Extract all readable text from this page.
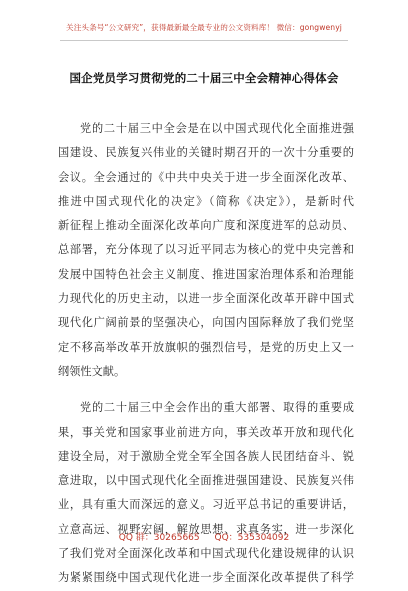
关注头条号“公文研究”，获得最新最全最专业的公文资料库！ 微信：gongwenyj
国企党员学习贯彻党的二十届三中全会精神心得体会
党的二十届三中全会是在以中国式现代化全面推进强
国建设、民族复兴伟业的关键时期召开的一次十分重要的
会议。全会通过的《中共中央关于进一步全面深化改革、
推进中国式现代化的决定》（简称《决定》），是新时代
新征程上推动全面深化改革向广度和深度进军的总动员、
总部署，充分体现了以习近平同志为核心的党中央完善和
发展中国特色社会主义制度、推进国家治理体系和治理能
力现代化的历史主动，以进一步全面深化改革开辟中国式
现代化广阔前景的坚强决心，向国内国际释放了我们党坚
定不移高举改革开放旗帜的强烈信号，是党的历史上又一
纲领性文献。
党的二十届三中全会作出的重大部署、取得的重要成
果，事关党和国家事业前进方向，事关改革开放和现代化
建设全局，对于激励全党全军全国各族人民团结奋斗、锐
意进取，以中国式现代化全面推进强国建设、民族复兴伟
业，具有重大而深远的意义。习近平总书记的重要讲话，
立意高远、视野宏阔，解放思想、求真务实，进一步深化
了我们党对全面深化改革和中国式现代化建设规律的认识
为紧紧围绕中国式现代化进一步全面深化改革提供了科学
QQ 群：30265665 QQ：535304092
